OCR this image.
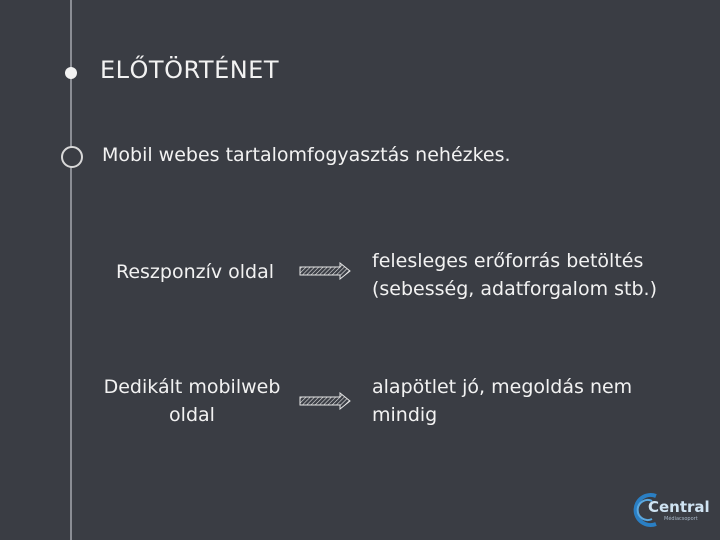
ELŐTÖRTÉNET
Mobil webes tartalomfogyasztás nehézkes.
Reszponzív oldal	felesleges erőforrás betöltés
(sebesség, adatforgalom stb.)
Dedikált mobilweb
oldal
alapötlet jó, megoldás nem
mindig
Central
Médiacsoport
